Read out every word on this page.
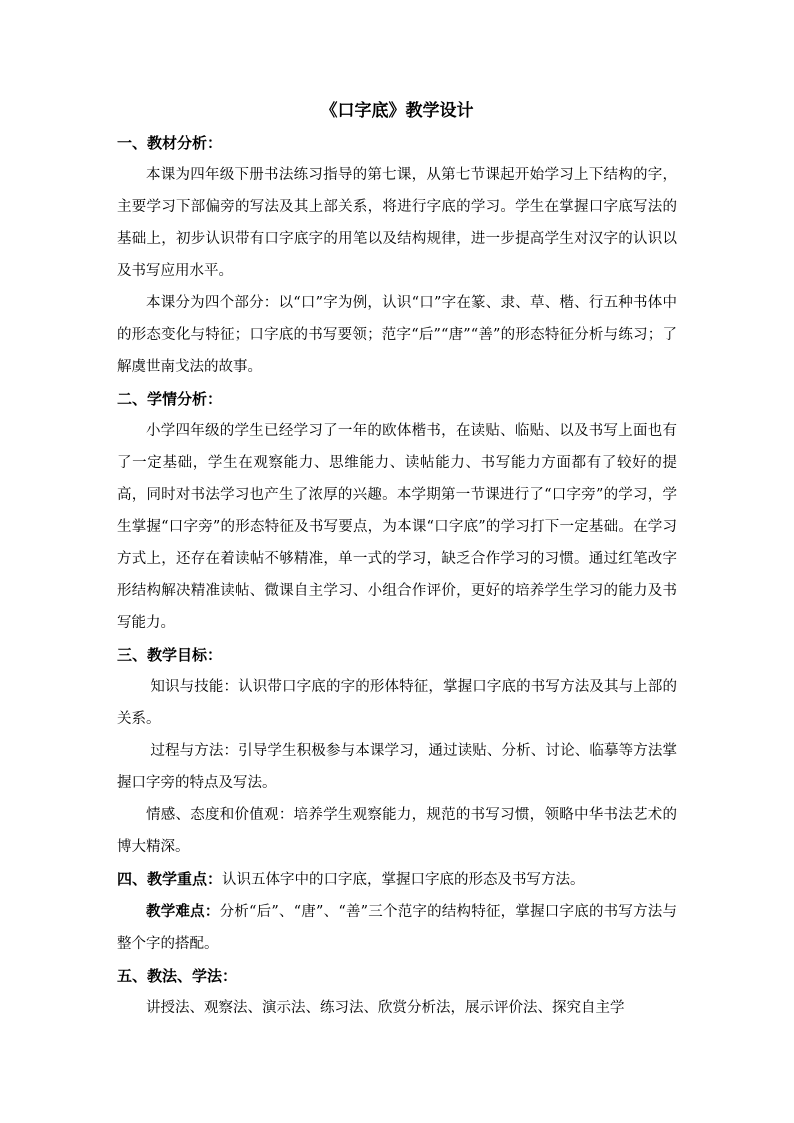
《口字底》教学设计
一、教材分析：

本课为四年级下册书法练习指导的第七课，从第七节课起开始学习上下结构的字，主要学习下部偏旁的写法及其上部关系，将进行字底的学习。学生在掌握口字底写法的基础上，初步认识带有口字底字的用笔以及结构规律，进一步提高学生对汉字的认识以及书写应用水平。

本课分为四个部分：以“口”字为例，认识“口”字在篆、隶、草、楷、行五种书体中的形态变化与特征；口字底的书写要领；范字“后”“唐”“善”的形态特征分析与练习；了解虞世南戈法的故事。

二、学情分析：

小学四年级的学生已经学习了一年的欧体楷书，在读贴、临贴、以及书写上面也有了一定基础，学生在观察能力、思维能力、读帖能力、书写能力方面都有了较好的提高，同时对书法学习也产生了浓厚的兴趣。本学期第一节课进行了“口字旁”的学习，学生掌握“口字旁”的形态特征及书写要点，为本课“口字底”的学习打下一定基础。在学习方式上，还存在着读帖不够精准，单一式的学习，缺乏合作学习的习惯。通过红笔改字形结构解决精准读帖、微课自主学习、小组合作评价，更好的培养学生学习的能力及书写能力。

三、教学目标：

知识与技能：认识带口字底的字的形体特征，掌握口字底的书写方法及其与上部的关系。

过程与方法：引导学生积极参与本课学习，通过读贴、分析、讨论、临摹等方法掌握口字旁的特点及写法。

情感、态度和价值观：培养学生观察能力，规范的书写习惯，领略中华书法艺术的博大精深。

四、教学重点：认识五体字中的口字底，掌握口字底的形态及书写方法。

教学难点：分析“后”、“唐”、“善”三个范字的结构特征，掌握口字底的书写方法与整个字的搭配。

五、教法、学法：

讲授法、观察法、演示法、练习法、欣赏分析法，展示评价法、探究自主学
